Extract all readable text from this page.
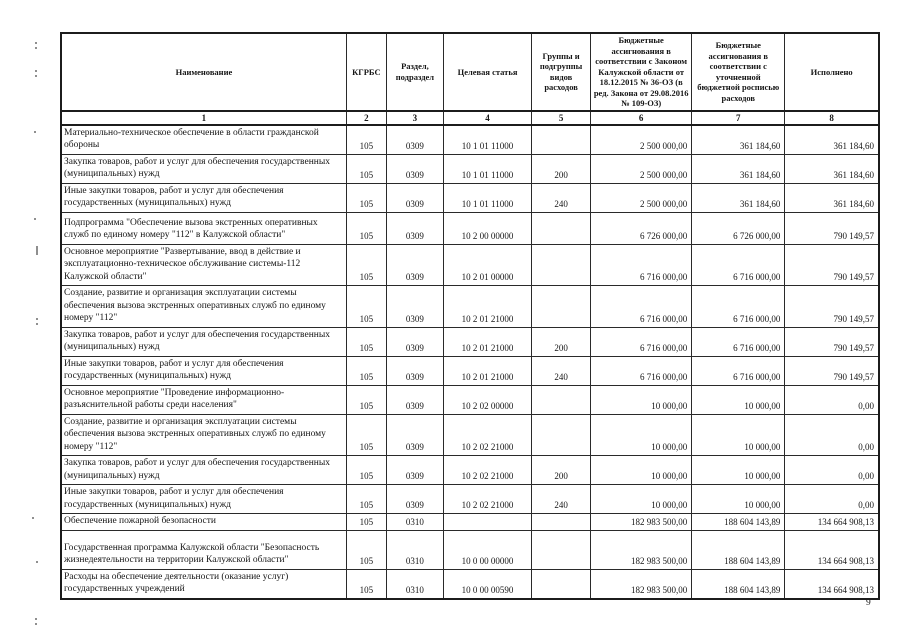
Наименование	КГРБС	Раздел, подраздел	Целевая статья	Группы и подгруппы видов расходов	Бюджетные ассигнования в соответствии с Законом Калужской области от 18.12.2015 № 36-ОЗ (в ред. Закона от 29.08.2016 № 109-ОЗ)	Бюджетные ассигнования в соответствии с уточненной бюджетной росписью расходов	Исполнено
1	2	3	4	5	6	7	8
Материально-техническое обеспечение в области гражданской обороны	105	0309	10 1 01 11000		2 500 000,00	361 184,60	361 184,60
Закупка товаров, работ и услуг для обеспечения государственных (муниципальных) нужд	105	0309	10 1 01 11000	200	2 500 000,00	361 184,60	361 184,60
Иные закупки товаров, работ и услуг для обеспечения государственных (муниципальных) нужд	105	0309	10 1 01 11000	240	2 500 000,00	361 184,60	361 184,60
Подпрограмма "Обеспечение вызова экстренных оперативных служб по единому номеру "112" в Калужской области"	105	0309	10 2 00 00000		6 726 000,00	6 726 000,00	790 149,57
Основное мероприятие "Развертывание, ввод в действие и эксплуатационно-техническое обслуживание системы-112 Калужской области"	105	0309	10 2 01 00000		6 716 000,00	6 716 000,00	790 149,57
Создание, развитие и организация эксплуатации системы обеспечения вызова экстренных оперативных служб по единому номеру "112"	105	0309	10 2 01 21000		6 716 000,00	6 716 000,00	790 149,57
Закупка товаров, работ и услуг для обеспечения государственных (муниципальных) нужд	105	0309	10 2 01 21000	200	6 716 000,00	6 716 000,00	790 149,57
Иные закупки товаров, работ и услуг для обеспечения государственных (муниципальных) нужд	105	0309	10 2 01 21000	240	6 716 000,00	6 716 000,00	790 149,57
Основное мероприятие "Проведение информационно-разъяснительной работы среди населения"	105	0309	10 2 02 00000		10 000,00	10 000,00	0,00
Создание, развитие и организация эксплуатации системы обеспечения вызова экстренных оперативных служб по единому номеру "112"	105	0309	10 2 02 21000		10 000,00	10 000,00	0,00
Закупка товаров, работ и услуг для обеспечения государственных (муниципальных) нужд	105	0309	10 2 02 21000	200	10 000,00	10 000,00	0,00
Иные закупки товаров, работ и услуг для обеспечения государственных (муниципальных) нужд	105	0309	10 2 02 21000	240	10 000,00	10 000,00	0,00
Обеспечение пожарной безопасности	105	0310			182 983 500,00	188 604 143,89	134 664 908,13
Государственная программа Калужской области "Безопасность жизнедеятельности на территории Калужской области"	105	0310	10 0 00 00000		182 983 500,00	188 604 143,89	134 664 908,13
Расходы на обеспечение деятельности (оказание услуг) государственных учреждений	105	0310	10 0 00 00590		182 983 500,00	188 604 143,89	134 664 908,13
9
